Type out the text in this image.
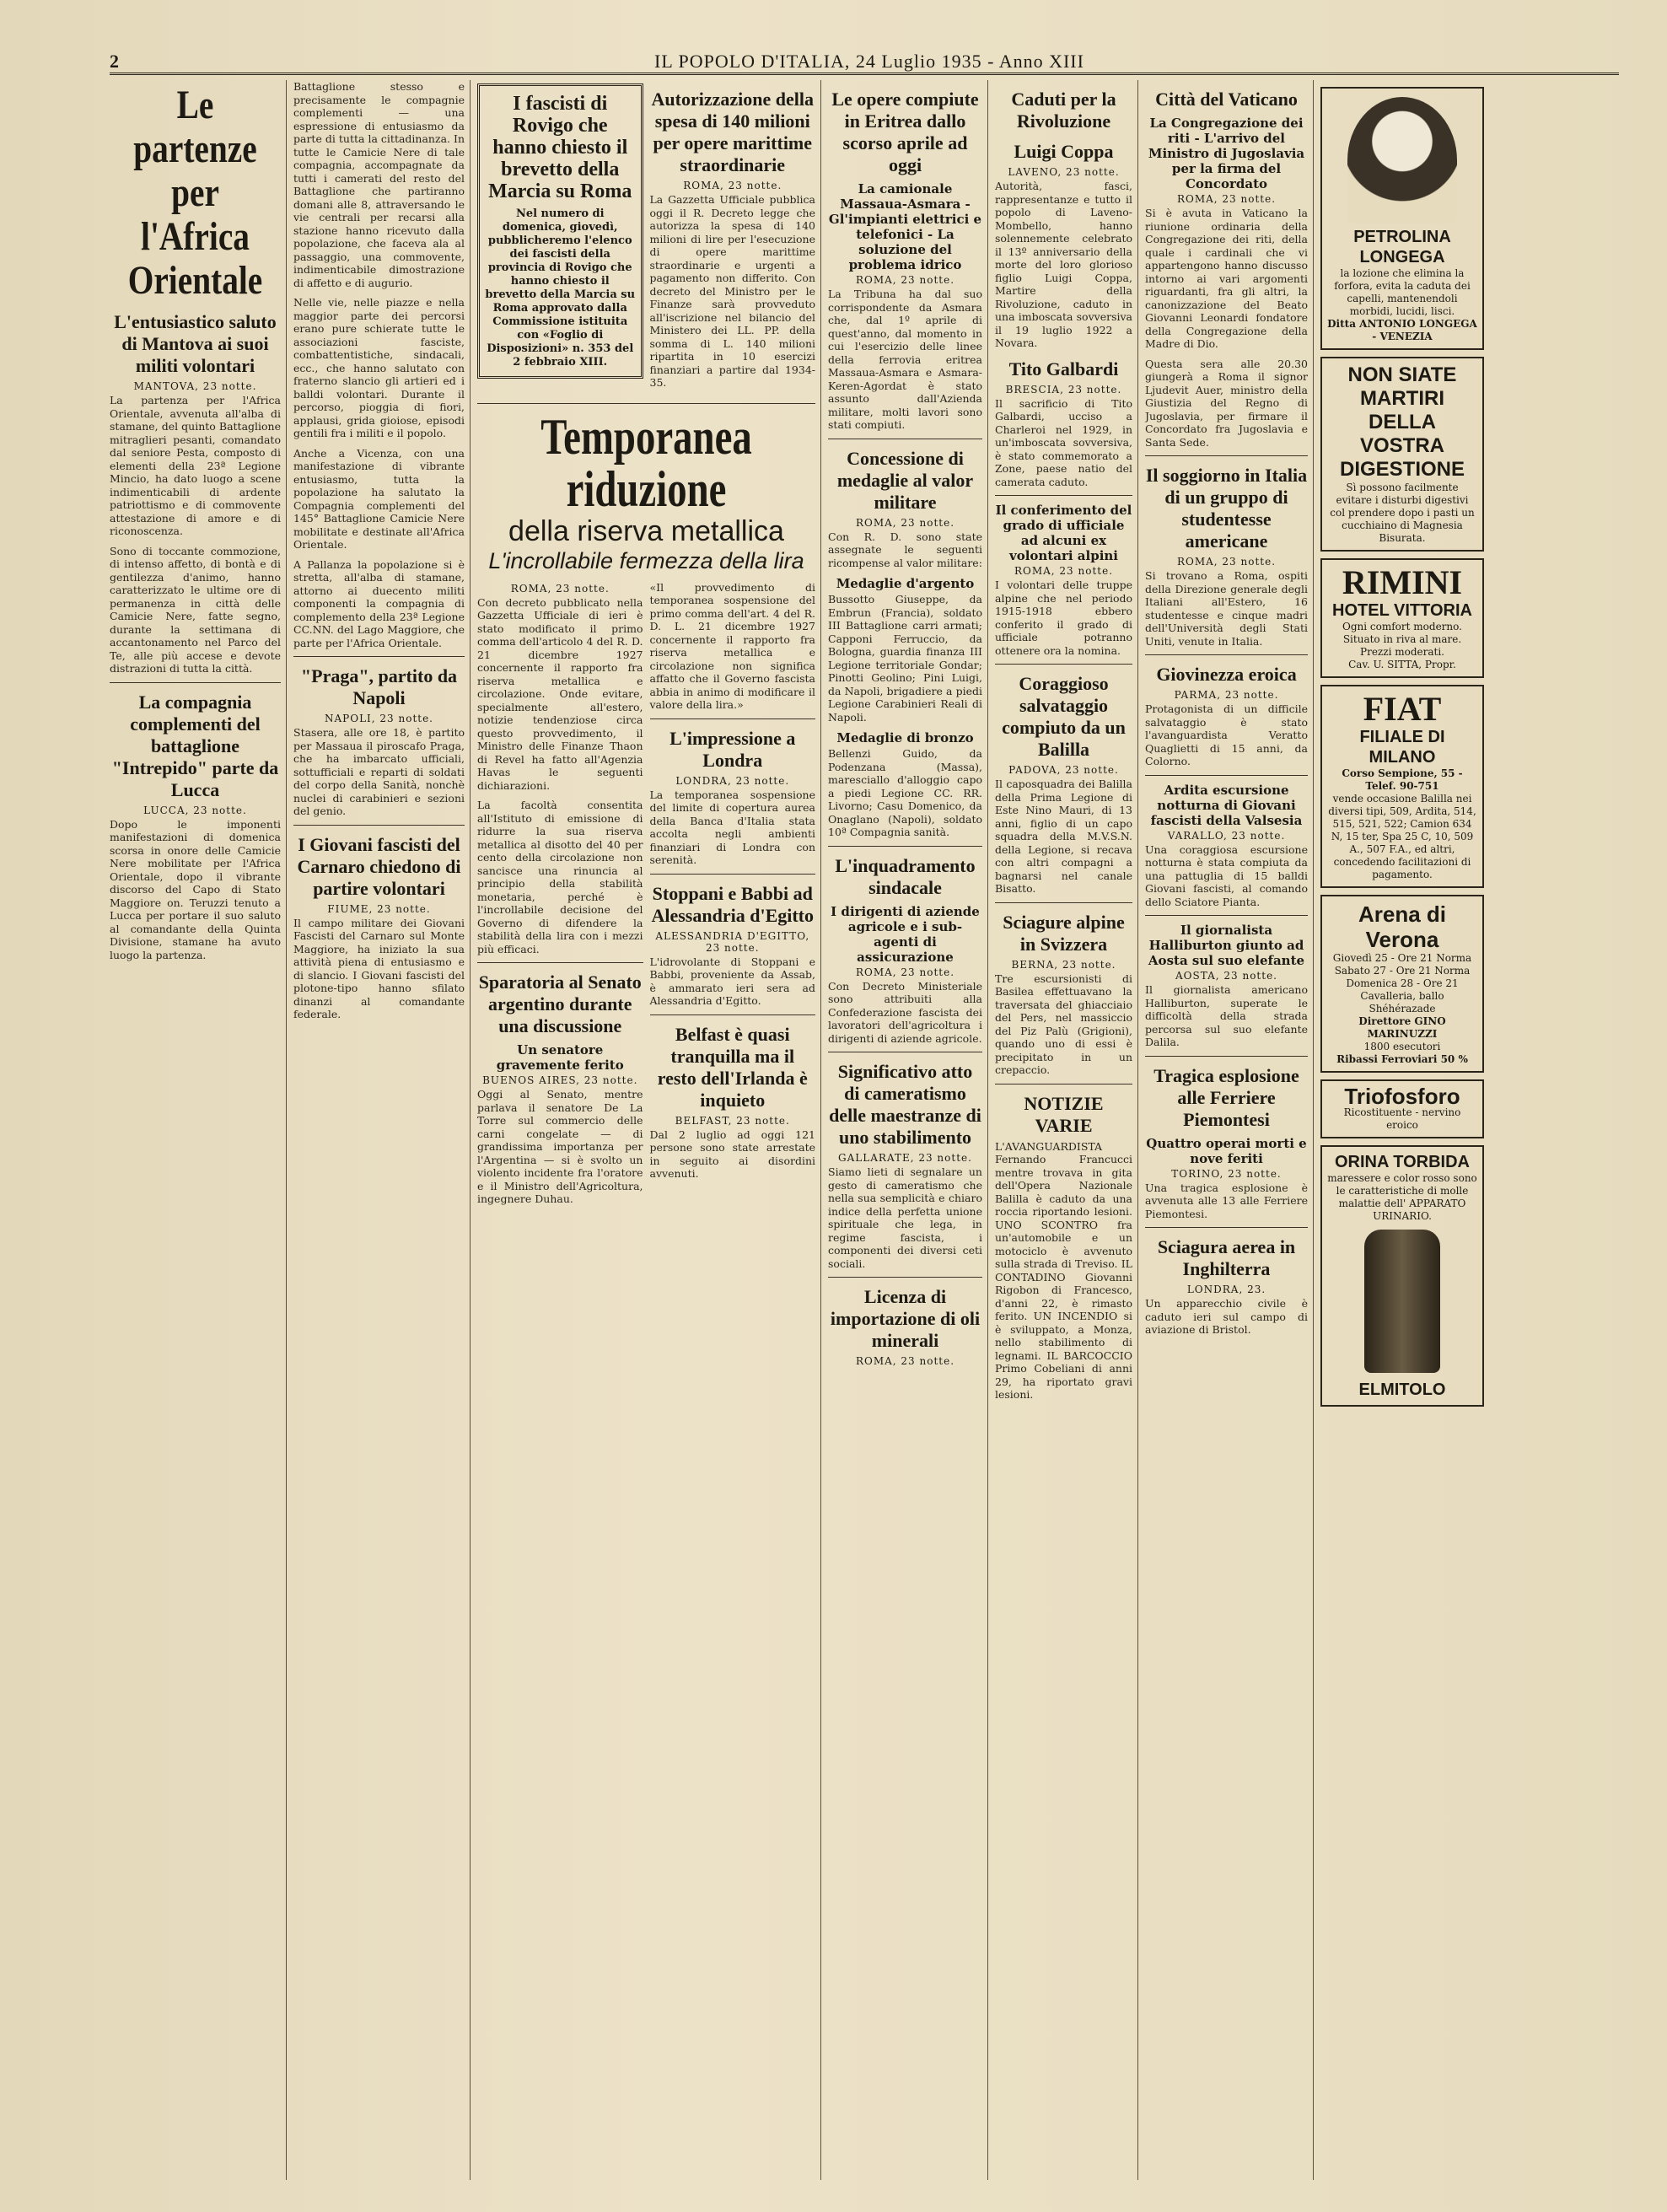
2	IL POPOLO D'ITALIA, 24 Luglio 1935 - Anno XIII
Le partenze per l'Africa Orientale
L'entusiastico saluto di Mantova ai suoi militi volontari
MANTOVA, 23 notte.

La partenza per l'Africa Orientale, avvenuta all'alba di stamane, del quinto Battaglione mitraglieri pesanti, comandato dal seniore Pesta, composto di elementi della 23ª Legione Mincio, ha dato luogo a scene indimenticabili di ardente patriottismo e di commovente attestazione di amore e di riconoscenza.

Sono di toccante commozione, di intenso affetto, di bontà e di gentilezza d'animo, hanno caratterizzato le ultime ore di permanenza in città delle Camicie Nere, fatte segno, durante la settimana di accantonamento nel Parco del Te, alle più accese e devote distrazioni di tutta la città.

La compagnia complementi del battaglione "Intrepido" parte da Lucca
LUCCA, 23 notte.

Dopo le imponenti manifestazioni di domenica scorsa in onore delle Camicie Nere mobilitate per l'Africa Orientale, dopo il vibrante discorso del Capo di Stato Maggiore on. Teruzzi tenuto a Lucca per portare il suo saluto al comandante della Quinta Divisione, stamane ha avuto luogo la partenza.

Battaglione stesso e precisamente le compagnie complementi — una espressione di entusiasmo da parte di tutta la cittadinanza. In tutte le Camicie Nere di tale compagnia, accompagnate da tutti i camerati del resto del Battaglione che partiranno domani alle 8, attraversando le vie centrali per recarsi alla stazione hanno ricevuto dalla popolazione, che faceva ala al passaggio, una commovente, indimenticabile dimostrazione di affetto e di augurio.

Nelle vie, nelle piazze e nella maggior parte dei percorsi erano pure schierate tutte le associazioni fasciste, combattentistiche, sindacali, ecc., che hanno salutato con fraterno slancio gli artieri ed i balldi volontari. Durante il percorso, pioggia di fiori, applausi, grida gioiose, episodi gentili fra i militi e il popolo.

Anche a Vicenza, con una manifestazione di vibrante entusiasmo, tutta la popolazione ha salutato la Compagnia complementi del 145° Battaglione Camicie Nere mobilitate e destinate all'Africa Orientale.

A Pallanza la popolazione si è stretta, all'alba di stamane, attorno ai duecento militi componenti la compagnia di complemento della 23ª Legione CC.NN. del Lago Maggiore, che parte per l'Africa Orientale.

"Praga", partito da Napoli
NAPOLI, 23 notte.

Stasera, alle ore 18, è partito per Massaua il piroscafo Praga, che ha imbarcato ufficiali, sottufficiali e reparti di soldati del corpo della Sanità, nonchè nuclei di carabinieri e sezioni del genio.

I Giovani fascisti del Carnaro chiedono di partire volontari
FIUME, 23 notte.

Il campo militare dei Giovani Fascisti del Carnaro sul Monte Maggiore, ha iniziato la sua attività piena di entusiasmo e di slancio. I Giovani fascisti del plotone-tipo hanno sfilato dinanzi al comandante federale.

I fascisti di Rovigo che hanno chiesto il brevetto della Marcia su Roma
Nel numero di domenica, giovedì, pubblicheremo l'elenco dei fascisti della provincia di Rovigo che hanno chiesto il brevetto della Marcia su Roma approvato dalla Commissione istituita con «Foglio di Disposizioni» n. 353 del 2 febbraio XIII.
Autorizzazione della spesa di 140 milioni per opere marittime straordinarie
ROMA, 23 notte.

La Gazzetta Ufficiale pubblica oggi il R. Decreto legge che autorizza la spesa di 140 milioni di lire per l'esecuzione di opere marittime straordinarie e urgenti a pagamento non differito. Con decreto del Ministro per le Finanze sarà provveduto all'iscrizione nel bilancio del Ministero dei LL. PP. della somma di L. 140 milioni ripartita in 10 esercizi finanziari a partire dal 1934-35.

Temporanea riduzione
della riserva metallica
L'incrollabile fermezza della lira
ROMA, 23 notte.

Con decreto pubblicato nella Gazzetta Ufficiale di ieri è stato modificato il primo comma dell'articolo 4 del R. D. 21 dicembre 1927 concernente il rapporto fra riserva metallica e circolazione. Onde evitare, specialmente all'estero, notizie tendenziose circa questo provvedimento, il Ministro delle Finanze Thaon di Revel ha fatto all'Agenzia Havas le seguenti dichiarazioni.

La facoltà consentita all'Istituto di emissione di ridurre la sua riserva metallica al disotto del 40 per cento della circolazione non sancisce una rinuncia al principio della stabilità monetaria, perché è l'incrollabile decisione del Governo di difendere la stabilità della lira con i mezzi più efficaci.

Sparatoria al Senato argentino durante una discussione
Un senatore gravemente ferito
BUENOS AIRES, 23 notte.

Oggi al Senato, mentre parlava il senatore De La Torre sul commercio delle carni congelate — di grandissima importanza per l'Argentina — si è svolto un violento incidente fra l'oratore e il Ministro dell'Agricoltura, ingegnere Duhau.

«Il provvedimento di temporanea sospensione del primo comma dell'art. 4 del R. D. L. 21 dicembre 1927 concernente il rapporto fra riserva metallica e circolazione non significa affatto che il Governo fascista abbia in animo di modificare il valore della lira.»

L'impressione a Londra
LONDRA, 23 notte.

La temporanea sospensione del limite di copertura aurea della Banca d'Italia stata accolta negli ambienti finanziari di Londra con serenità.

Stoppani e Babbi ad Alessandria d'Egitto
ALESSANDRIA D'EGITTO, 23 notte.

L'idrovolante di Stoppani e Babbi, proveniente da Assab, è ammarato ieri sera ad Alessandria d'Egitto.

Belfast è quasi tranquilla ma il resto dell'Irlanda è inquieto
BELFAST, 23 notte.

Dal 2 luglio ad oggi 121 persone sono state arrestate in seguito ai disordini avvenuti.

Le opere compiute in Eritrea dallo scorso aprile ad oggi
La camionale Massaua-Asmara - Gl'impianti elettrici e telefonici - La soluzione del problema idrico
ROMA, 23 notte.

La Tribuna ha dal suo corrispondente da Asmara che, dal 1º aprile di quest'anno, dal momento in cui l'esercizio delle linee della ferrovia eritrea Massaua-Asmara e Asmara-Keren-Agordat è stato assunto dall'Azienda militare, molti lavori sono stati compiuti.

Concessione di medaglie al valor militare
ROMA, 23 notte.

Con R. D. sono state assegnate le seguenti ricompense al valor militare:

Medaglie d'argento

Bussotto Giuseppe, da Embrun (Francia), soldato III Battaglione carri armati; Capponi Ferruccio, da Bologna, guardia finanza III Legione territoriale Gondar; Pinotti Geolino; Pini Luigi, da Napoli, brigadiere a piedi Legione Carabinieri Reali di Napoli.

Medaglie di bronzo

Bellenzi Guido, da Podenzana (Massa), maresciallo d'alloggio capo a piedi Legione CC. RR. Livorno; Casu Domenico, da Onaglano (Napoli), soldato 10ª Compagnia sanità.

L'inquadramento sindacale
I dirigenti di aziende agricole e i sub-agenti di assicurazione
ROMA, 23 notte.

Con Decreto Ministeriale sono attribuiti alla Confederazione fascista dei lavoratori dell'agricoltura i dirigenti di aziende agricole.

Significativo atto di cameratismo delle maestranze di uno stabilimento
GALLARATE, 23 notte.

Siamo lieti di segnalare un gesto di cameratismo che nella sua semplicità e chiaro indice della perfetta unione spirituale che lega, in regime fascista, i componenti dei diversi ceti sociali.

Licenza di importazione di oli minerali
ROMA, 23 notte.
Caduti per la Rivoluzione
Luigi Coppa
LAVENO, 23 notte.

Autorità, fasci, rappresentanze e tutto il popolo di Laveno-Mombello, hanno solennemente celebrato il 13º anniversario della morte del loro glorioso figlio Luigi Coppa, Martire della Rivoluzione, caduto in una imboscata sovversiva il 19 luglio 1922 a Novara.

Tito Galbardi
BRESCIA, 23 notte.

Il sacrificio di Tito Galbardi, ucciso a Charleroi nel 1929, in un'imboscata sovversiva, è stato commemorato a Zone, paese natio del camerata caduto.

Il conferimento del grado di ufficiale ad alcuni ex volontari alpini
ROMA, 23 notte.

I volontari delle truppe alpine che nel periodo 1915-1918 ebbero conferito il grado di ufficiale potranno ottenere ora la nomina.

Coraggioso salvataggio compiuto da un Balilla
PADOVA, 23 notte.

Il caposquadra dei Balilla della Prima Legione di Este Nino Mauri, di 13 anni, figlio di un capo squadra della M.V.S.N. della Legione, si recava con altri compagni a bagnarsi nel canale Bisatto.

Sciagure alpine in Svizzera
BERNA, 23 notte.

Tre escursionisti di Basilea effettuavano la traversata del ghiacciaio del Pers, nel massiccio del Piz Palù (Grigioni), quando uno di essi è precipitato in un crepaccio.

NOTIZIE VARIE

L'AVANGUARDISTA Fernando Francucci mentre trovava in gita dell'Opera Nazionale Balilla è caduto da una roccia riportando lesioni. UNO SCONTRO fra un'automobile e un motociclo è avvenuto sulla strada di Treviso. IL CONTADINO Giovanni Rigobon di Francesco, d'anni 22, è rimasto ferito. UN INCENDIO si è sviluppato, a Monza, nello stabilimento di legnami. IL BARCOCCIO Primo Cobeliani di anni 29, ha riportato gravi lesioni.

Città del Vaticano
La Congregazione dei riti - L'arrivo del Ministro di Jugoslavia per la firma del Concordato
ROMA, 23 notte.

Si è avuta in Vaticano la riunione ordinaria della Congregazione dei riti, della quale i cardinali che vi appartengono hanno discusso intorno ai vari argomenti riguardanti, fra gli altri, la canonizzazione del Beato Giovanni Leonardi fondatore della Congregazione della Madre di Dio.

Questa sera alle 20.30 giungerà a Roma il signor Ljudevit Auer, ministro della Giustizia del Regno di Jugoslavia, per firmare il Concordato fra Jugoslavia e Santa Sede.

Il soggiorno in Italia di un gruppo di studentesse americane
ROMA, 23 notte.

Si trovano a Roma, ospiti della Direzione generale degli Italiani all'Estero, 16 studentesse e cinque madri dell'Università degli Stati Uniti, venute in Italia.

Giovinezza eroica
PARMA, 23 notte.

Protagonista di un difficile salvataggio è stato l'avanguardista Veratto Quaglietti di 15 anni, da Colorno.

Ardita escursione notturna di Giovani fascisti della Valsesia
VARALLO, 23 notte.

Una coraggiosa escursione notturna è stata compiuta da una pattuglia di 15 balldi Giovani fascisti, al comando dello Sciatore Pianta.

Il giornalista Halliburton giunto ad Aosta sul suo elefante
AOSTA, 23 notte.

Il giornalista americano Halliburton, superate le difficoltà della strada percorsa sul suo elefante Dalila.

Tragica esplosione alle Ferriere Piemontesi
Quattro operai morti e nove feriti
TORINO, 23 notte.

Una tragica esplosione è avvenuta alle 13 alle Ferriere Piemontesi.

Sciagura aerea in Inghilterra
LONDRA, 23.

Un apparecchio civile è caduto ieri sul campo di aviazione di Bristol.

PETROLINA LONGEGA
la lozione che elimina la forfora, evita la caduta dei capelli, mantenendoli morbidi, lucidi, lisci.
Ditta ANTONIO LONGEGA - VENEZIA
NON SIATE MARTIRI DELLA VOSTRA DIGESTIONE
Sì possono facilmente evitare i disturbi digestivi col prendere dopo i pasti un cucchiaino di Magnesia Bisurata.
RIMINI
HOTEL VITTORIA
Ogni comfort moderno. Situato in riva al mare. Prezzi moderati.
Cav. U. SITTA, Propr.
FIAT
FILIALE DI MILANO
Corso Sempione, 55 - Telef. 90-751
vende occasione Balilla nei diversi tipi, 509, Ardita, 514, 515, 521, 522; Camion 634 N, 15 ter, Spa 25 C, 10, 509 A., 507 F.A., ed altri, concedendo facilitazioni di pagamento.
Arena di Verona
Giovedì 25 - Ore 21 Norma
Sabato 27 - Ore 21 Norma
Domenica 28 - Ore 21 Cavalleria, ballo Shéhérazade
Direttore GINO MARINUZZI
1800 esecutori
Ribassi Ferroviari 50 %
Triofosforo
Ricostituente - nervino eroico
ORINA TORBIDA
maressere e color rosso sono le caratteristiche di molle malattie dell' APPARATO URINARIO.
ELMITOLO
